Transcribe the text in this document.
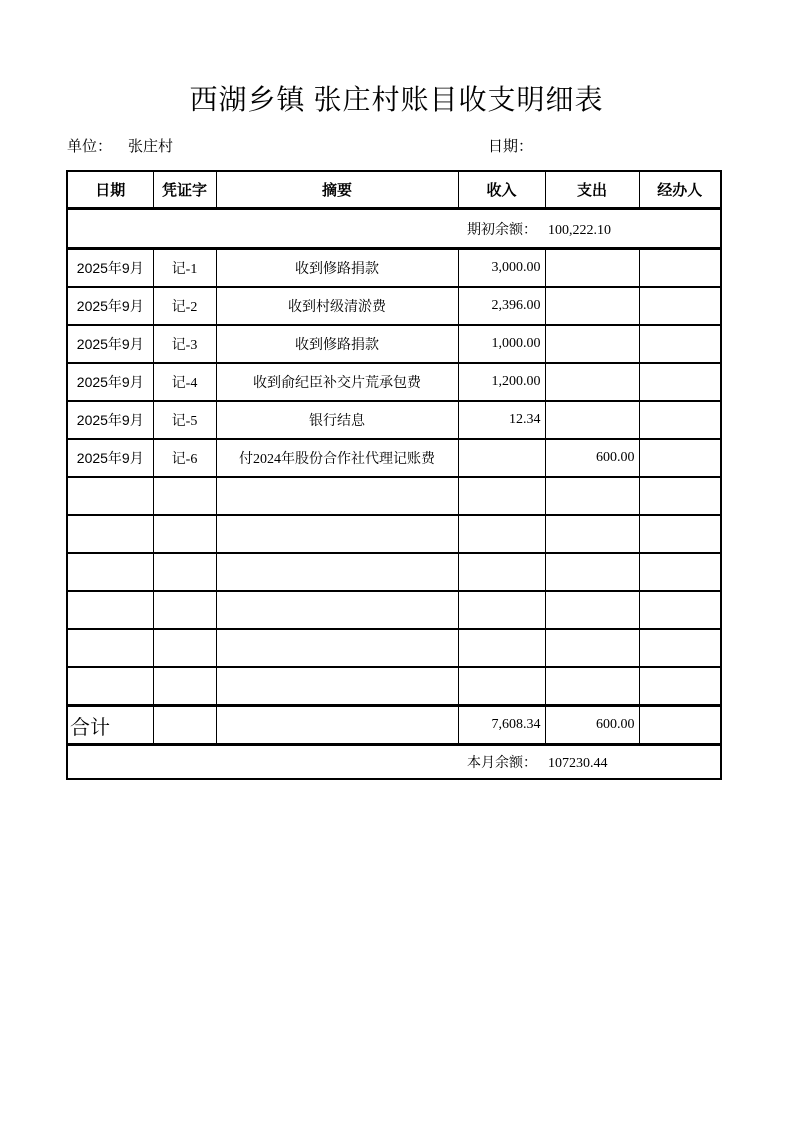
西湖乡镇 张庄村账目收支明细表
单位： 张庄村	日期：
日期	凭证字	摘要	收入	支出	经办人
期初余额： 100,222.10					
2025年9月	记-1	收到修路捐款	3,000.00		
2025年9月	记-2	收到村级清淤费	2,396.00		
2025年9月	记-3	收到修路捐款	1,000.00		
2025年9月	记-4	收到俞纪臣补交片荒承包费	1,200.00		
2025年9月	记-5	银行结息	12.34		
2025年9月	记-6	付2024年股份合作社代理记账费		600.00	

合计			7,608.34	600.00	
本月余额： 107230.44					
